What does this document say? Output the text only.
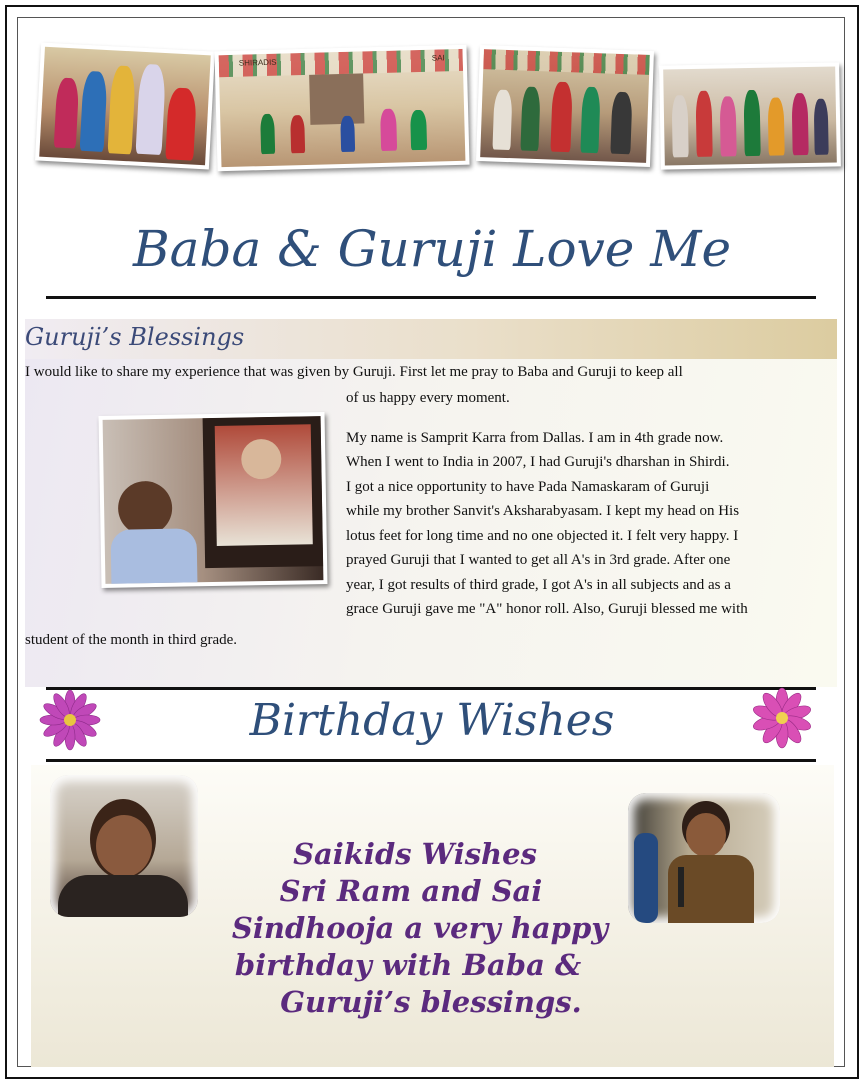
SHIRADIS	SAI
Baba & Guruji Love Me
Guruji’s Blessings
I would like to share my experience that was given by Guruji. First let me pray to Baba and Guruji to keep all
of us happy every moment.
My name is Samprit Karra from Dallas. I am in 4th grade now.
When I went to India in 2007, I had Guruji's dharshan in Shirdi.
I got a nice opportunity to have Pada Namaskaram of Guruji
while my brother Sanvit's Aksharabyasam. I kept my head on His
lotus feet for long time and no one objected it. I felt very happy. I
prayed Guruji that I wanted to get all A's in 3rd grade. After one
year, I got results of third grade, I got A's in all subjects and as a
grace Guruji gave me "A" honor roll. Also, Guruji blessed me with
student of the month in third grade.
Birthday Wishes
Saikids Wishes
Sri Ram and Sai
Sindhooja a very happy
birthday with Baba &
Guruji’s blessings.
